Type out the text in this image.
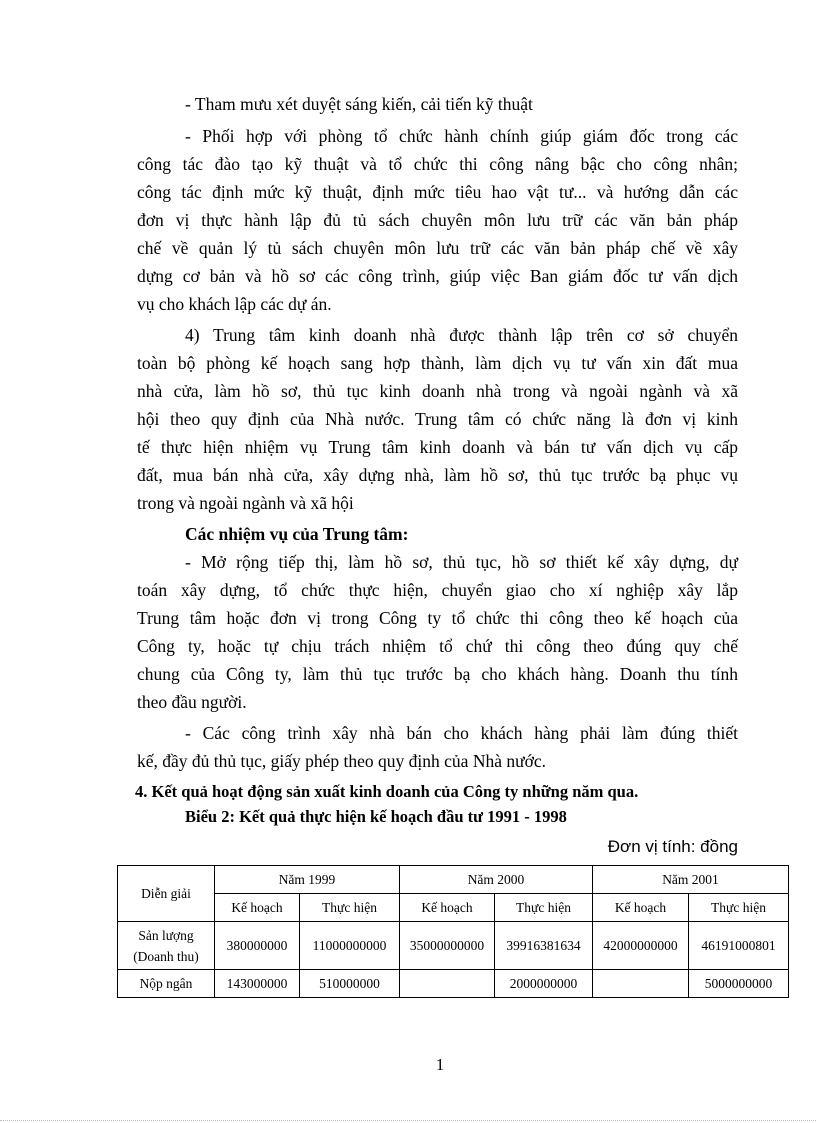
- Tham mưu xét duyệt sáng kiến, cải tiến kỹ thuật
- Phối hợp với phòng tổ chức hành chính giúp giám đốc trong các
công tác đào tạo kỹ thuật và tổ chức thi công nâng bậc cho công nhân;
công tác định mức kỹ thuật, định mức tiêu hao vật tư... và hướng dẫn các
đơn vị thực hành lập đủ tủ sách chuyên môn lưu trữ các văn bản pháp
chế về quản lý tủ sách chuyên môn lưu trữ các văn bản pháp chế về xây
dựng cơ bản và hồ sơ các công trình, giúp việc Ban giám đốc tư vấn dịch
vụ cho khách lập các dự án.
4) Trung tâm kinh doanh nhà được thành lập trên cơ sở chuyển
toàn bộ phòng kế hoạch sang hợp thành, làm dịch vụ tư vấn xin đất mua
nhà cửa, làm hồ sơ, thủ tục kinh doanh nhà trong và ngoài ngành và xã
hội theo quy định của Nhà nước. Trung tâm có chức năng là đơn vị kinh
tế thực hiện nhiệm vụ Trung tâm kinh doanh và bán tư vấn dịch vụ cấp
đất, mua bán nhà cửa, xây dựng nhà, làm hồ sơ, thủ tục trước bạ phục vụ
trong và ngoài ngành và xã hội
Các nhiệm vụ của Trung tâm:
- Mở rộng tiếp thị, làm hồ sơ, thủ tục, hồ sơ thiết kế xây dựng, dự
toán xây dựng, tổ chức thực hiện, chuyển giao cho xí nghiệp xây lắp
Trung tâm hoặc đơn vị trong Công ty tổ chức thi công theo kế hoạch của
Công ty, hoặc tự chịu trách nhiệm tổ chứ thi công theo đúng quy chế
chung của Công ty, làm thủ tục trước bạ cho khách hàng. Doanh thu tính
theo đầu người.
- Các công trình xây nhà bán cho khách hàng phải làm đúng thiết
kế, đầy đủ thủ tục, giấy phép theo quy định của Nhà nước.
4. Kết quả hoạt động sản xuất kinh doanh của Công ty những năm qua.
Biểu 2: Kết quả thực hiện kế hoạch đầu tư 1991 - 1998
Đơn vị tính: đồng
Diễn giải	Năm 1999		Năm 2000		Năm 2001	
	Kế hoạch	Thực hiện	Kế hoạch	Thực hiện	Kế hoạch	Thực hiện

Sản lượng
(Doanh thu)	380000000	11000000000	35000000000	39916381634	42000000000	46191000801
Nộp ngân	143000000	510000000		2000000000		5000000000
1
